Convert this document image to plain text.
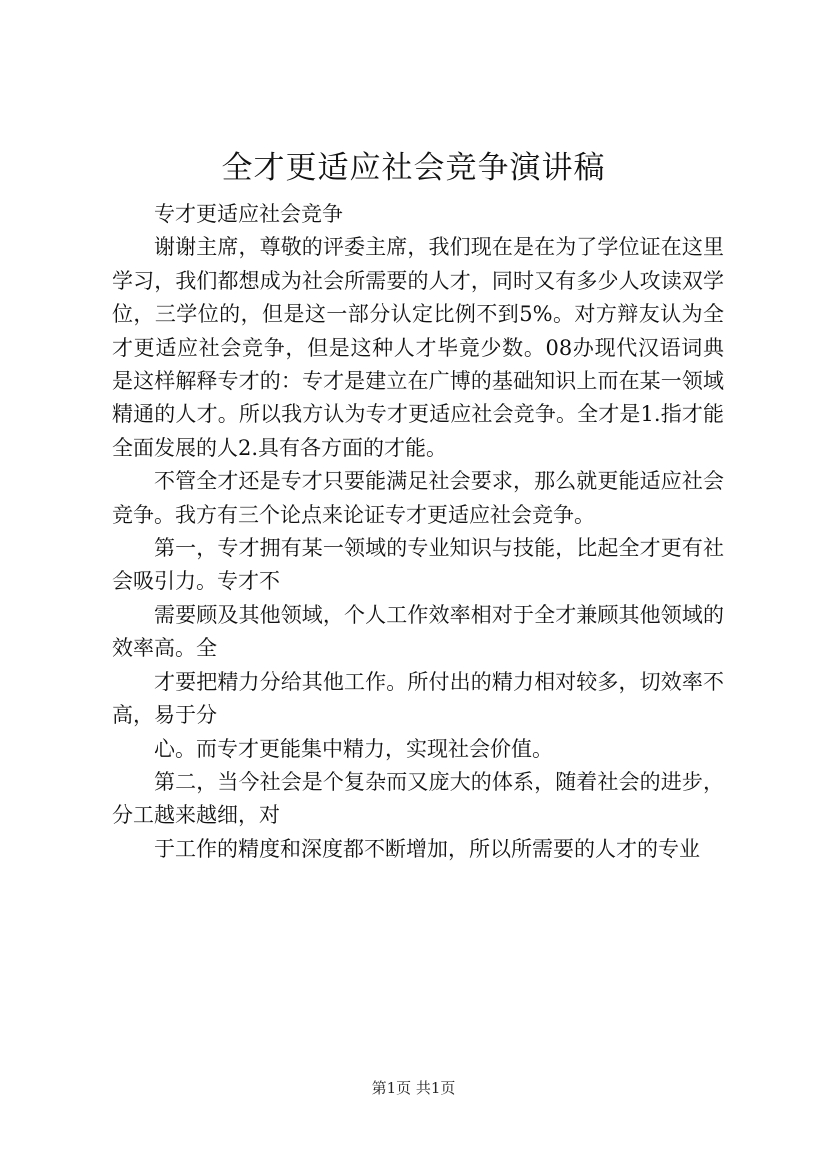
全才更适应社会竞争演讲稿

专才更适应社会竞争

谢谢主席，尊敬的评委主席，我们现在是在为了学位证在这里学习，我们都想成为社会所需要的人才，同时又有多少人攻读双学位，三学位的，但是这一部分认定比例不到5%。对方辩友认为全才更适应社会竞争，但是这种人才毕竟少数。08办现代汉语词典是这样解释专才的：专才是建立在广博的基础知识上而在某一领域精通的人才。所以我方认为专才更适应社会竞争。全才是1.指才能全面发展的人2.具有各方面的才能。

不管全才还是专才只要能满足社会要求，那么就更能适应社会竞争。我方有三个论点来论证专才更适应社会竞争。

第一，专才拥有某一领域的专业知识与技能，比起全才更有社会吸引力。专才不

需要顾及其他领域，个人工作效率相对于全才兼顾其他领域的效率高。全

才要把精力分给其他工作。所付出的精力相对较多，切效率不高，易于分

心。而专才更能集中精力，实现社会价值。

第二，当今社会是个复杂而又庞大的体系，随着社会的进步，分工越来越细，对

于工作的精度和深度都不断增加，所以所需要的人才的专业

第1页 共1页
